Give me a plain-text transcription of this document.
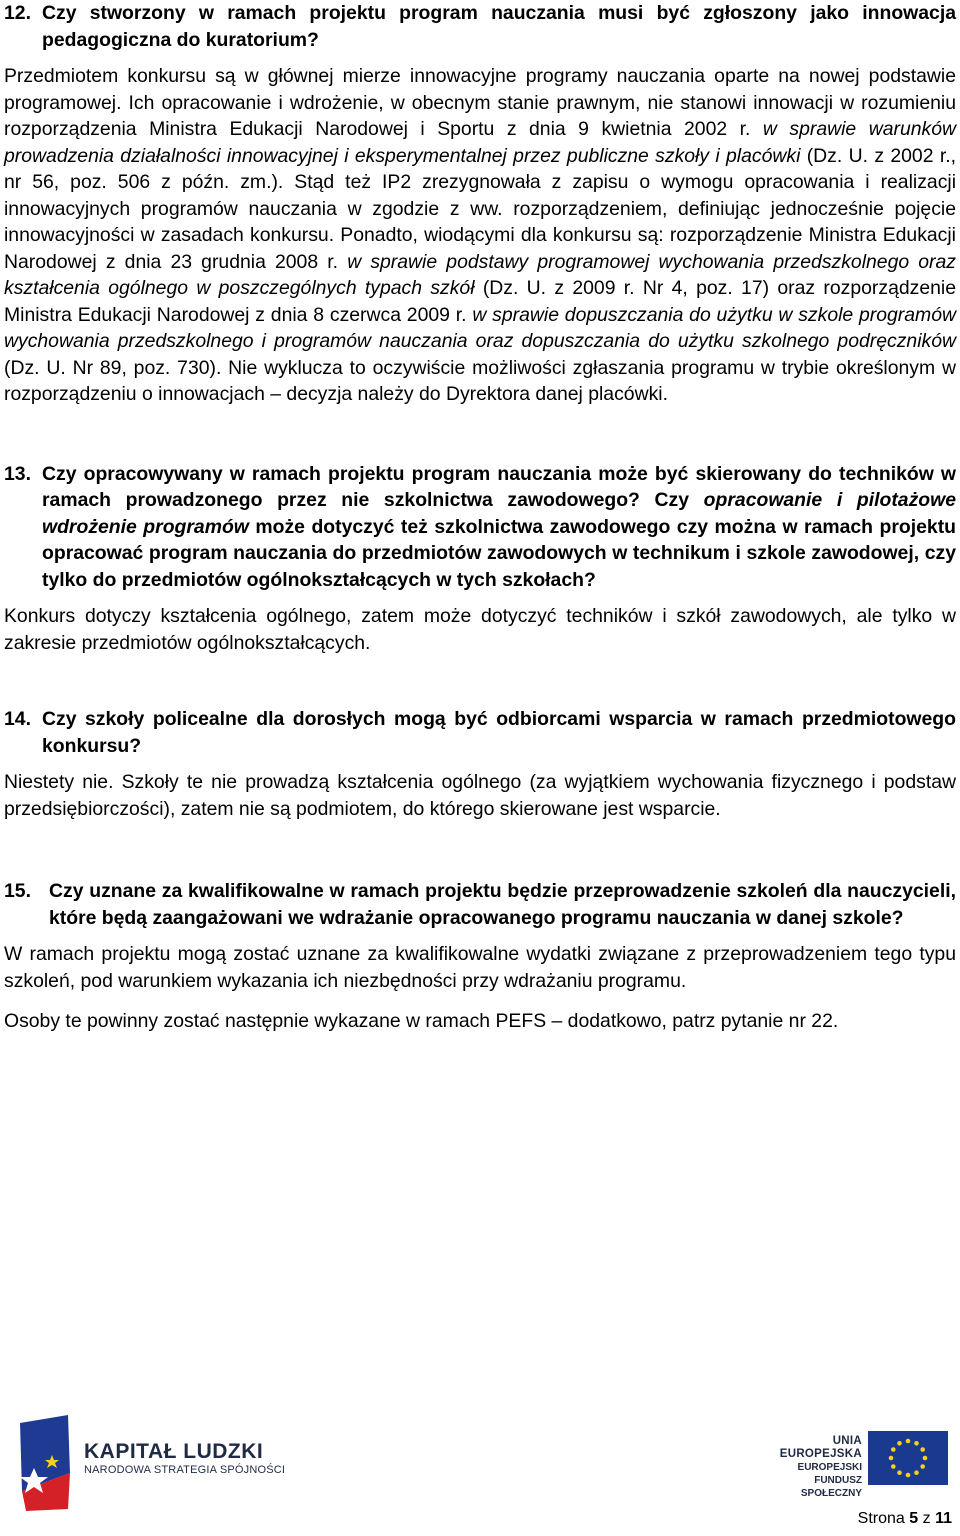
12. Czy stworzony w ramach projektu program nauczania musi być zgłoszony jako innowacja pedagogiczna do kuratorium?

Przedmiotem konkursu są w głównej mierze innowacyjne programy nauczania oparte na nowej podstawie programowej. Ich opracowanie i wdrożenie, w obecnym stanie prawnym, nie stanowi innowacji w rozumieniu rozporządzenia Ministra Edukacji Narodowej i Sportu z dnia 9 kwietnia 2002 r. w sprawie warunków prowadzenia działalności innowacyjnej i eksperymentalnej przez publiczne szkoły i placówki (Dz. U. z 2002 r., nr 56, poz. 506 z późn. zm.). Stąd też IP2 zrezygnowała z zapisu o wymogu opracowania i realizacji innowacyjnych programów nauczania w zgodzie z ww. rozporządzeniem, definiując jednocześnie pojęcie innowacyjności w zasadach konkursu. Ponadto, wiodącymi dla konkursu są: rozporządzenie Ministra Edukacji Narodowej z dnia 23 grudnia 2008 r. w sprawie podstawy programowej wychowania przedszkolnego oraz kształcenia ogólnego w poszczególnych typach szkół (Dz. U. z 2009 r. Nr 4, poz. 17) oraz rozporządzenie Ministra Edukacji Narodowej z dnia 8 czerwca 2009 r. w sprawie dopuszczania do użytku w szkole programów wychowania przedszkolnego i programów nauczania oraz dopuszczania do użytku szkolnego podręczników (Dz. U. Nr 89, poz. 730). Nie wyklucza to oczywiście możliwości zgłaszania programu w trybie określonym w rozporządzeniu o innowacjach – decyzja należy do Dyrektora danej placówki.

13. Czy opracowywany w ramach projektu program nauczania może być skierowany do techników w ramach prowadzonego przez nie szkolnictwa zawodowego? Czy opracowanie i pilotażowe wdrożenie programów może dotyczyć też szkolnictwa zawodowego czy można w ramach projektu opracować program nauczania do przedmiotów zawodowych w technikum i szkole zawodowej, czy tylko do przedmiotów ogólnokształcących w tych szkołach?

Konkurs dotyczy kształcenia ogólnego, zatem może dotyczyć techników i szkół zawodowych, ale tylko w zakresie przedmiotów ogólnokształcących.

14. Czy szkoły policealne dla dorosłych mogą być odbiorcami wsparcia w ramach przedmiotowego konkursu?

Niestety nie. Szkoły te nie prowadzą kształcenia ogólnego (za wyjątkiem wychowania fizycznego i podstaw przedsiębiorczości), zatem nie są podmiotem, do którego skierowane jest wsparcie.

15. Czy uznane za kwalifikowalne w ramach projektu będzie przeprowadzenie szkoleń dla nauczycieli, które będą zaangażowani we wdrażanie opracowanego programu nauczania w danej szkole?

W ramach projektu mogą zostać uznane za kwalifikowalne wydatki związane z przeprowadzeniem tego typu szkoleń, pod warunkiem wykazania ich niezbędności przy wdrażaniu programu.

Osoby te powinny zostać następnie wykazane w ramach PEFS – dodatkowo, patrz pytanie nr 22.

KAPITAŁ LUDZKI
NARODOWA STRATEGIA SPÓJNOŚCI
UNIA EUROPEJSKA
EUROPEJSKI
FUNDUSZ SPOŁECZNY
Strona 5 z 11
